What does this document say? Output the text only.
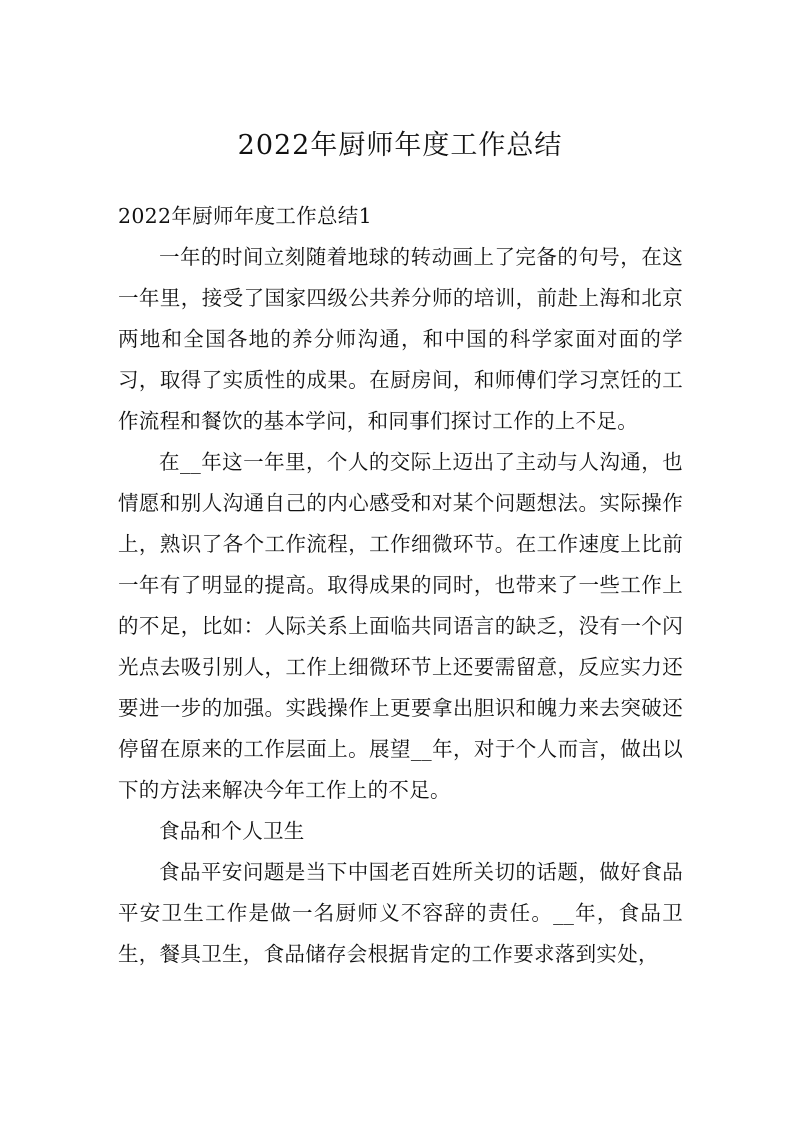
2022年厨师年度工作总结
2022年厨师年度工作总结1

一年的时间立刻随着地球的转动画上了完备的句号，在这一年里，接受了国家四级公共养分师的培训，前赴上海和北京两地和全国各地的养分师沟通，和中国的科学家面对面的学习，取得了实质性的成果。在厨房间，和师傅们学习烹饪的工作流程和餐饮的基本学问，和同事们探讨工作的上不足。

在__年这一年里，个人的交际上迈出了主动与人沟通，也情愿和别人沟通自己的内心感受和对某个问题想法。实际操作上，熟识了各个工作流程，工作细微环节。在工作速度上比前一年有了明显的提高。取得成果的同时，也带来了一些工作上的不足，比如：人际关系上面临共同语言的缺乏，没有一个闪光点去吸引别人，工作上细微环节上还要需留意，反应实力还要进一步的加强。实践操作上更要拿出胆识和魄力来去突破还停留在原来的工作层面上。展望__年，对于个人而言，做出以下的方法来解决今年工作上的不足。

食品和个人卫生

食品平安问题是当下中国老百姓所关切的话题，做好食品平安卫生工作是做一名厨师义不容辞的责任。__年，食品卫生，餐具卫生，食品储存会根据肯定的工作要求落到实处，
